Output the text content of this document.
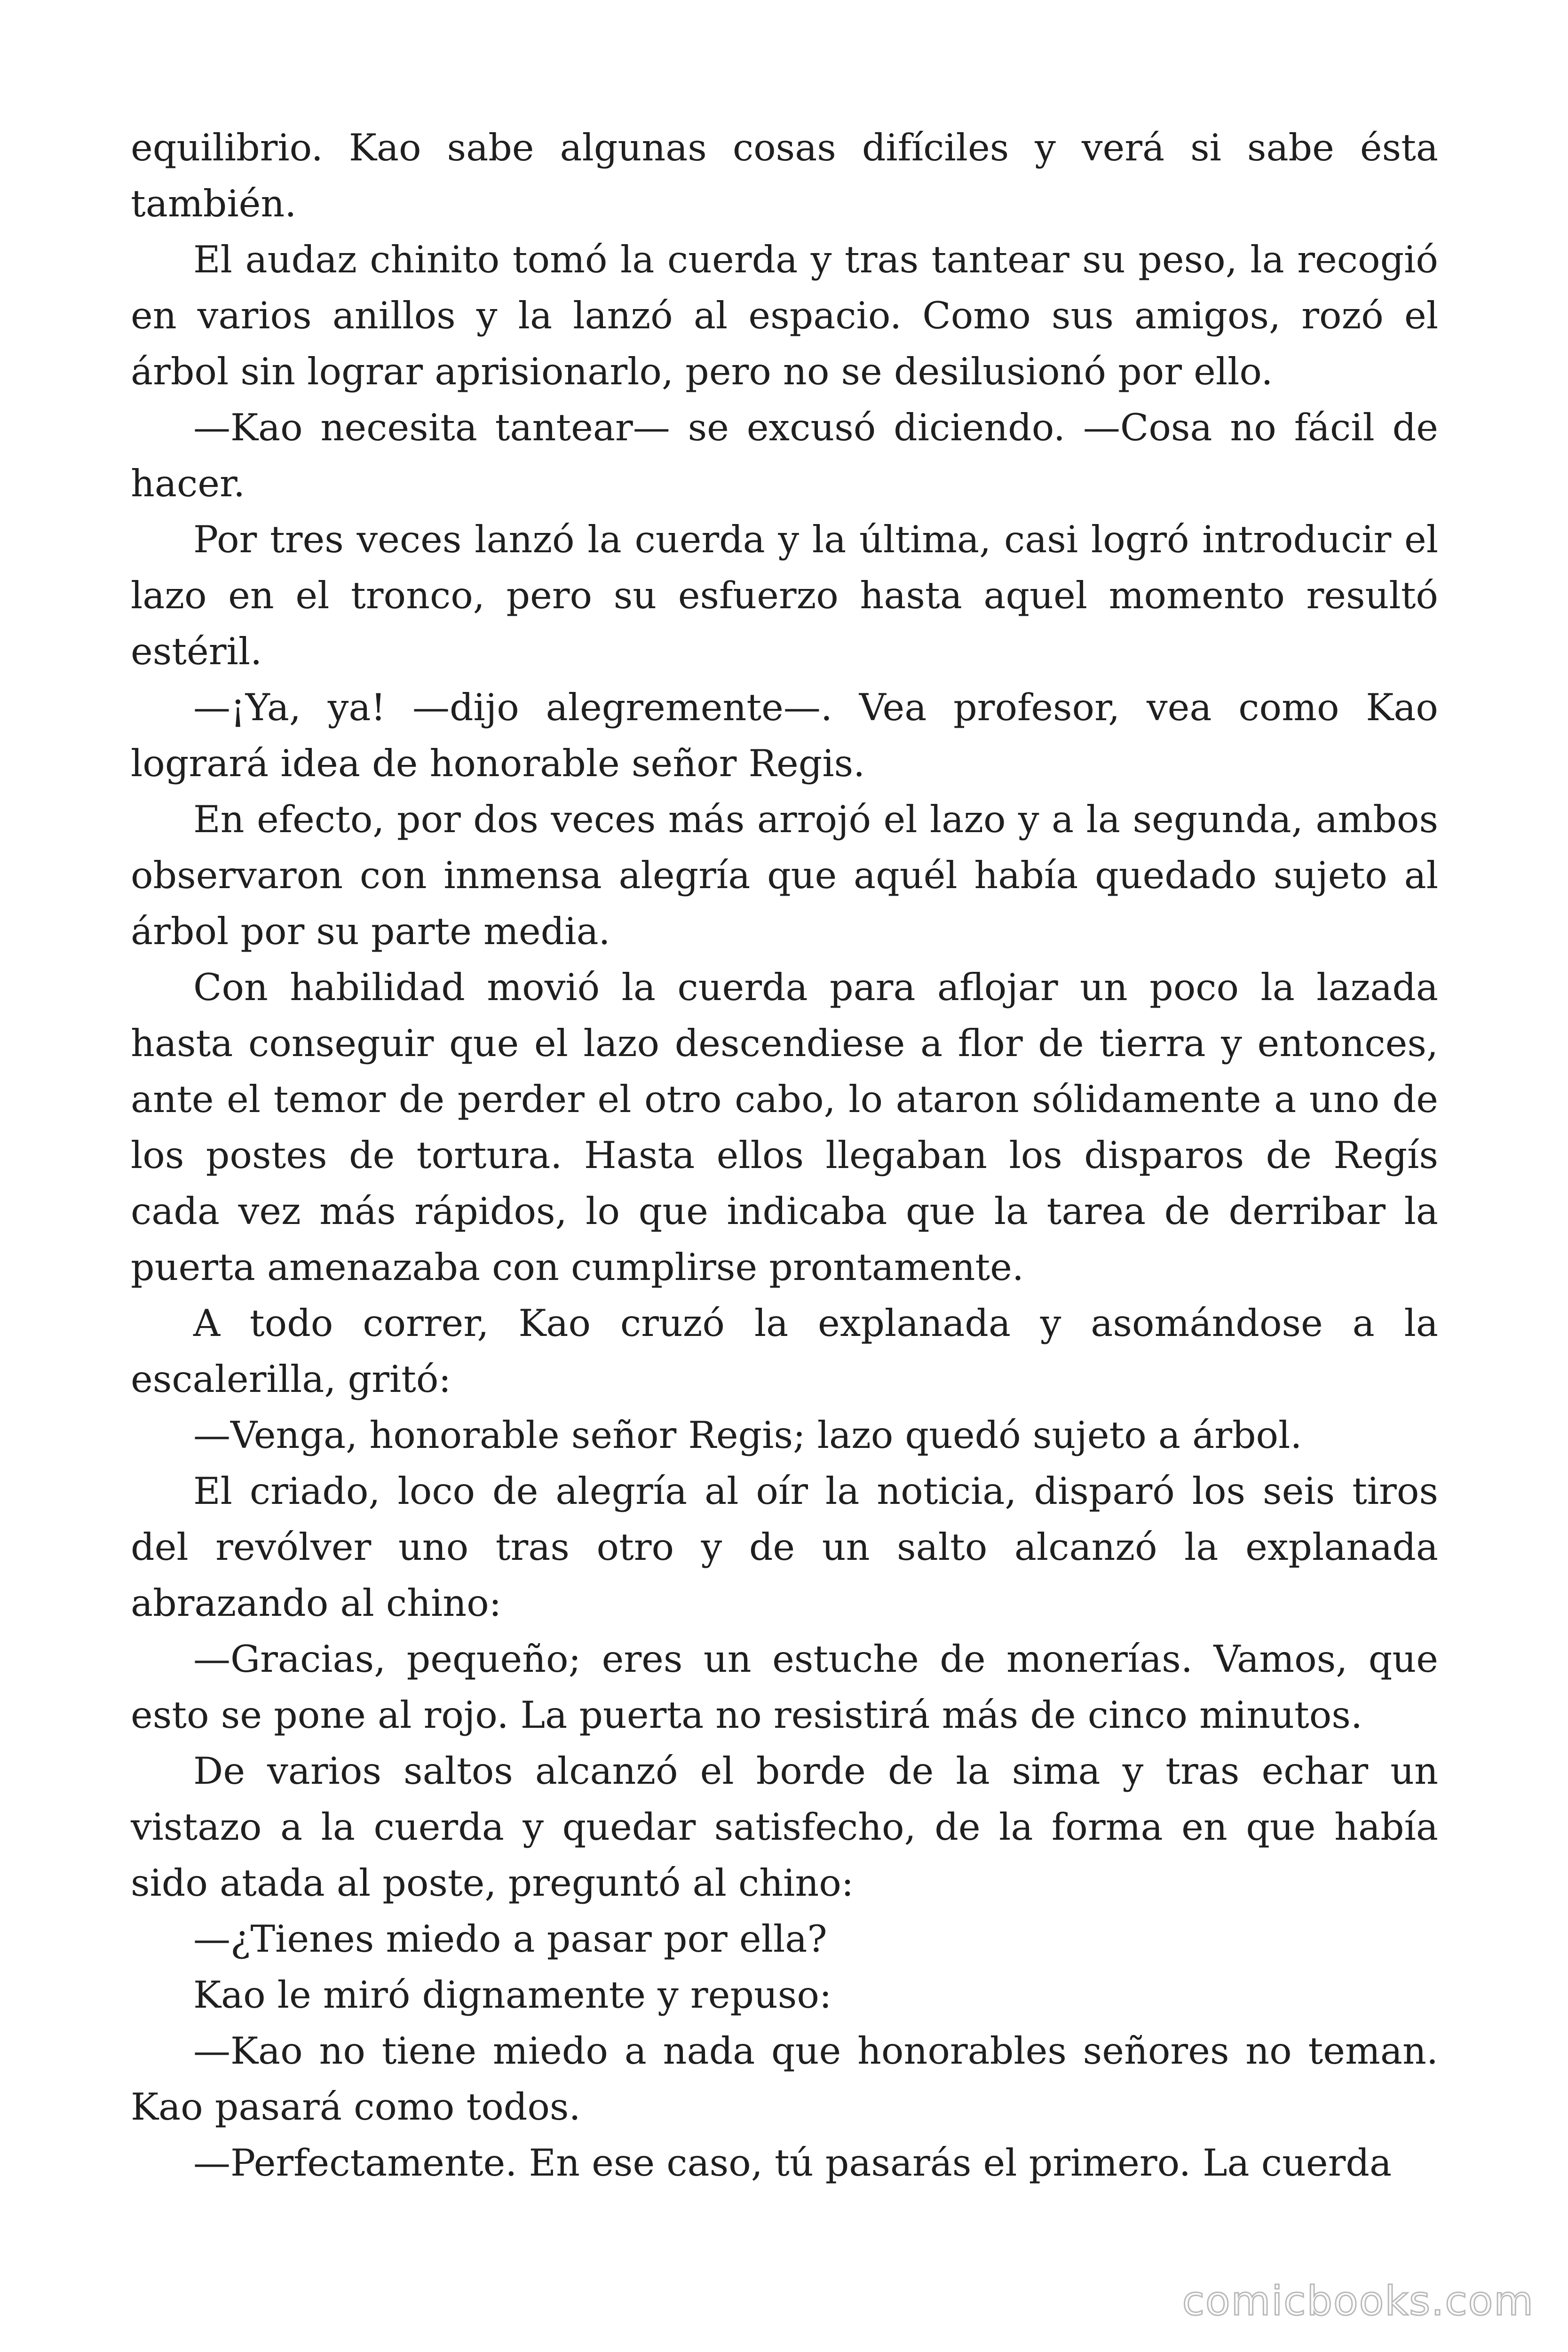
equilibrio. Kao sabe algunas cosas difíciles y verá si sabe ésta también.

El audaz chinito tomó la cuerda y tras tantear su peso, la recogió en varios anillos y la lanzó al espacio. Como sus amigos, rozó el árbol sin lograr aprisionarlo, pero no se desilusionó por ello.

—Kao necesita tantear— se excusó diciendo. —Cosa no fácil de hacer.

Por tres veces lanzó la cuerda y la última, casi logró introducir el lazo en el tronco, pero su esfuerzo hasta aquel momento resultó estéril.

—¡Ya, ya! —dijo alegremente—. Vea profesor, vea como Kao logrará idea de honorable señor Regis.

En efecto, por dos veces más arrojó el lazo y a la segunda, ambos observaron con inmensa alegría que aquél había quedado sujeto al árbol por su parte media.

Con habilidad movió la cuerda para aflojar un poco la lazada hasta conseguir que el lazo descendiese a flor de tierra y entonces, ante el temor de perder el otro cabo, lo ataron sólidamente a uno de los postes de tortura. Hasta ellos llegaban los disparos de Regís cada vez más rápidos, lo que indicaba que la tarea de derribar la puerta amenazaba con cumplirse prontamente.

A todo correr, Kao cruzó la explanada y asomándose a la escalerilla, gritó:

—Venga, honorable señor Regis; lazo quedó sujeto a árbol.

El criado, loco de alegría al oír la noticia, disparó los seis tiros del revólver uno tras otro y de un salto alcanzó la explanada abrazando al chino:

—Gracias, pequeño; eres un estuche de monerías. Vamos, que esto se pone al rojo. La puerta no resistirá más de cinco minutos.

De varios saltos alcanzó el borde de la sima y tras echar un vistazo a la cuerda y quedar satisfecho, de la forma en que había sido atada al poste, preguntó al chino:

—¿Tienes miedo a pasar por ella?

Kao le miró dignamente y repuso:

—Kao no tiene miedo a nada que honorables señores no teman. Kao pasará como todos.

—Perfectamente. En ese caso, tú pasarás el primero. La cuerda

comicbooks.com
